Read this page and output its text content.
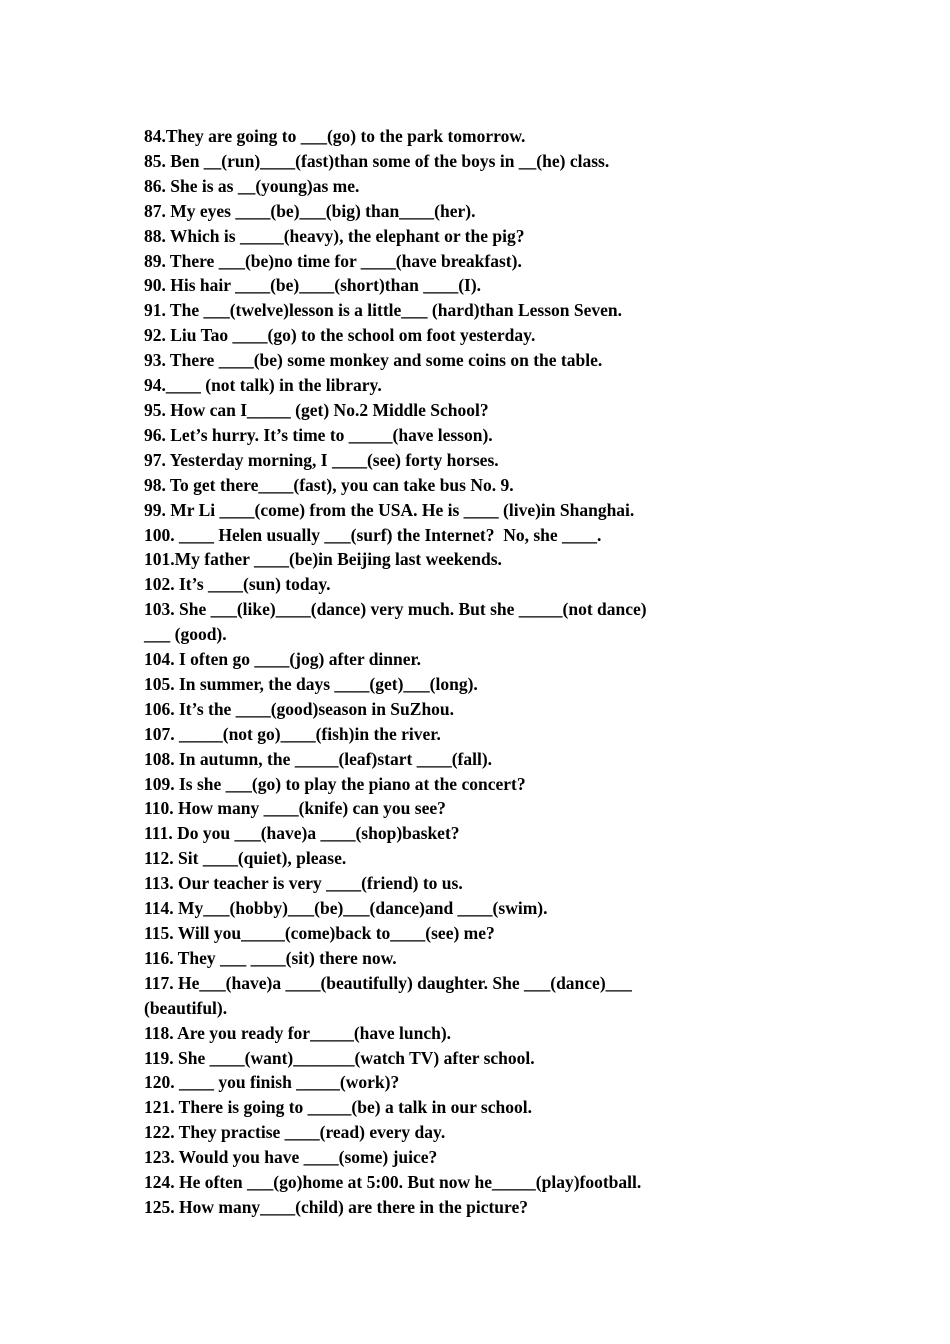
84.They are going to ___(go) to the park tomorrow.
85. Ben __(run)____(fast)than some of the boys in __(he) class.
86. She is as __(young)as me.
87. My eyes ____(be)___(big) than____(her).
88. Which is _____(heavy), the elephant or the pig?
89. There ___(be)no time for ____(have breakfast).
90. His hair ____(be)____(short)than ____(I).
91. The ___(twelve)lesson is a little___ (hard)than Lesson Seven.
92. Liu Tao ____(go) to the school om foot yesterday.
93. There ____(be) some monkey and some coins on the table.
94.____ (not talk) in the library.
95. How can I_____ (get) No.2 Middle School?
96. Let’s hurry. It’s time to _____(have lesson).
97. Yesterday morning, I ____(see) forty horses.
98. To get there____(fast), you can take bus No. 9.
99. Mr Li ____(come) from the USA. He is ____ (live)in Shanghai.
100. ____ Helen usually ___(surf) the Internet?  No, she ____.
101.My father ____(be)in Beijing last weekends.
102. It’s ____(sun) today.
103. She ___(like)____(dance) very much. But she _____(not dance)
___ (good).
104. I often go ____(jog) after dinner.
105. In summer, the days ____(get)___(long).
106. It’s the ____(good)season in SuZhou.
107. _____(not go)____(fish)in the river.
108. In autumn, the _____(leaf)start ____(fall).
109. Is she ___(go) to play the piano at the concert?
110. How many ____(knife) can you see?
111. Do you ___(have)a ____(shop)basket?
112. Sit ____(quiet), please.
113. Our teacher is very ____(friend) to us.
114. My___(hobby)___(be)___(dance)and ____(swim).
115. Will you_____(come)back to____(see) me?
116. They ___ ____(sit) there now.
117. He___(have)a ____(beautifully) daughter. She ___(dance)___
(beautiful).
118. Are you ready for_____(have lunch).
119. She ____(want)_______(watch TV) after school.
120. ____ you finish _____(work)?
121. There is going to _____(be) a talk in our school.
122. They practise ____(read) every day.
123. Would you have ____(some) juice?
124. He often ___(go)home at 5:00. But now he_____(play)football.
125. How many____(child) are there in the picture?
